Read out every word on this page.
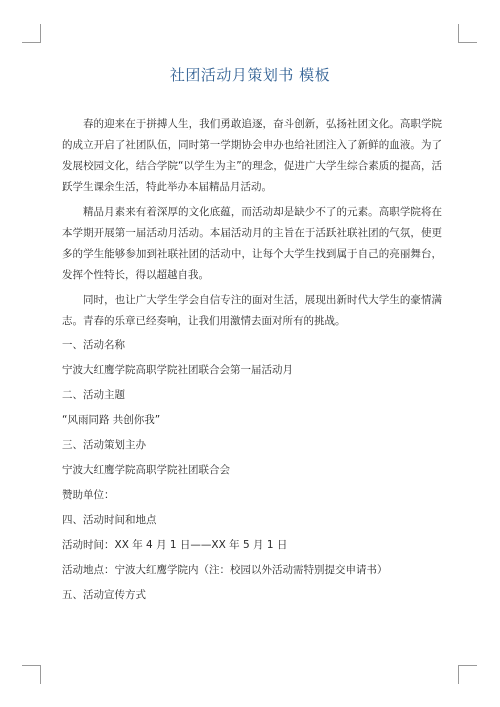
社团活动月策划书 模板

春的迎来在于拼搏人生，我们勇敢追逐，奋斗创新，弘扬社团文化。高职学院的成立开启了社团队伍，同时第一学期协会申办也给社团注入了新鲜的血液。为了发展校园文化，结合学院“以学生为主”的理念，促进广大学生综合素质的提高，活跃学生课余生活，特此举办本届精品月活动。

精品月素来有着深厚的文化底蕴，而活动却是缺少不了的元素。高职学院将在本学期开展第一届活动月活动。本届活动月的主旨在于活跃社联社团的气氛，使更多的学生能够参加到社联社团的活动中，让每个大学生找到属于自己的亮丽舞台，发挥个性特长，得以超越自我。

同时，也让广大学生学会自信专注的面对生活，展现出新时代大学生的豪情满志。青春的乐章已经奏响，让我们用激情去面对所有的挑战。

一、活动名称
宁波大红鹰学院高职学院社团联合会第一届活动月
二、活动主题
“风雨同路 共创你我”
三、活动策划主办
宁波大红鹰学院高职学院社团联合会
赞助单位：
四、活动时间和地点
活动时间：XX 年 4 月 1 日——XX 年 5 月 1 日
活动地点：宁波大红鹰学院内（注：校园以外活动需特别提交申请书）
五、活动宣传方式
